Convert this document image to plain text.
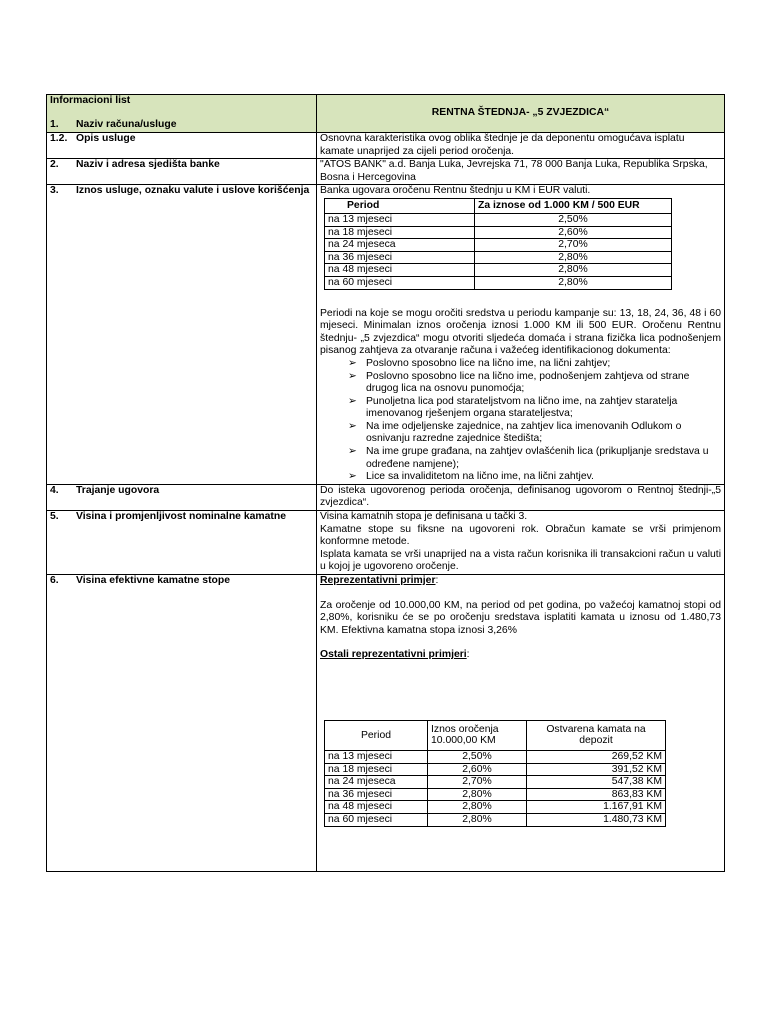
Informacioni list
1. Naziv računa/usluge
	RENTNA ŠTEDNJA- „5 ZVJEZDICA“
1.2. Opis usluge	Osnovna karakteristika ovog oblika štednje je da deponentu omogućava isplatu kamate unaprijed za cijeli period oročenja.
2. Naziv i adresa sjedišta banke	"ATOS BANK" a.d. Banja Luka, Jevrejska 71, 78 000 Banja Luka, Republika Srpska, Bosna i Hercegovina

3. Iznos usluge, oznaku valute i uslove korišćenja	Banka ugovara oročenu Rentnu štednju u KM i EUR valuti.
Period	Za iznose od 1.000 KM / 500 EUR
na 13 mjeseci	2,50%
na 18 mjeseci	2,60%
na 24 mjeseca	2,70%
na 36 mjeseci	2,80%
na 48 mjeseci	2,80%
na 60 mjeseci	2,80%
Periodi na koje se mogu oročiti sredstva u periodu kampanje su: 13, 18, 24, 36, 48 i 60 mjeseci. Minimalan iznos oročenja iznosi 1.000 KM ili 500 EUR. Oročenu Rentnu štednju- „5 zvjezdica“ mogu otvoriti sljedeća domaća i strana fizička lica podnošenjem pisanog zahtjeva za otvaranje računa i važećeg identifikacionog dokumenta:
➢ Poslovno sposobno lice na lično ime, na lični zahtjev;
➢ Poslovno sposobno lice na lično ime, podnošenjem zahtjeva od strane drugog lica na osnovu punomoćja;
➢ Punoljetna lica pod starateljstvom na lično ime, na zahtjev staratelja imenovanog rješenjem organa starateljestva;
➢ Na ime odjeljenske zajednice, na zahtjev lica imenovanih Odlukom o osnivanju razredne zajednice štedišta;
➢ Na ime grupe građana, na zahtjev ovlašćenih lica (prikupljanje sredstava u određene namjene);
➢ Lice sa invaliditetom na lično ime, na lični zahtjev.

4. Trajanje ugovora	Do isteka ugovorenog perioda oročenja, definisanog ugovorom o Rentnoj štednji-„5 zvjezdica“.
5. Visina i promjenljivost nominalne kamatne	Visina kamatnih stopa je definisana u tački 3.
Kamatne stope su fiksne na ugovoreni rok. Obračun kamate se vrši primjenom konformne metode.
Isplata kamata se vrši unaprijed na a vista račun korisnika ili transakcioni račun u valuti u kojoj je ugovoreno oročenje.

6. Visina efektivne kamatne stope	Reprezentativni primjer:
Za oročenje od 10.000,00 KM, na period od pet godina, po važećoj kamatnoj stopi od 2,80%, korisniku će se po oročenju sredstava isplatiti kamata u iznosu od 1.480,73 KM. Efektivna kamatna stopa iznosi 3,26%
Ostali reprezentativni primjeri:
Period	Iznos oročenja 10.000,00 KM	Ostvarena kamata na depozit
na 13 mjeseci	2,50%	269,52 KM
na 18 mjeseci	2,60%	391,52 KM
na 24 mjeseca	2,70%	547,38 KM
na 36 mjeseci	2,80%	863,83 KM
na 48 mjeseci	2,80%	1.167,91 KM
na 60 mjeseci	2,80%	1.480,73 KM
